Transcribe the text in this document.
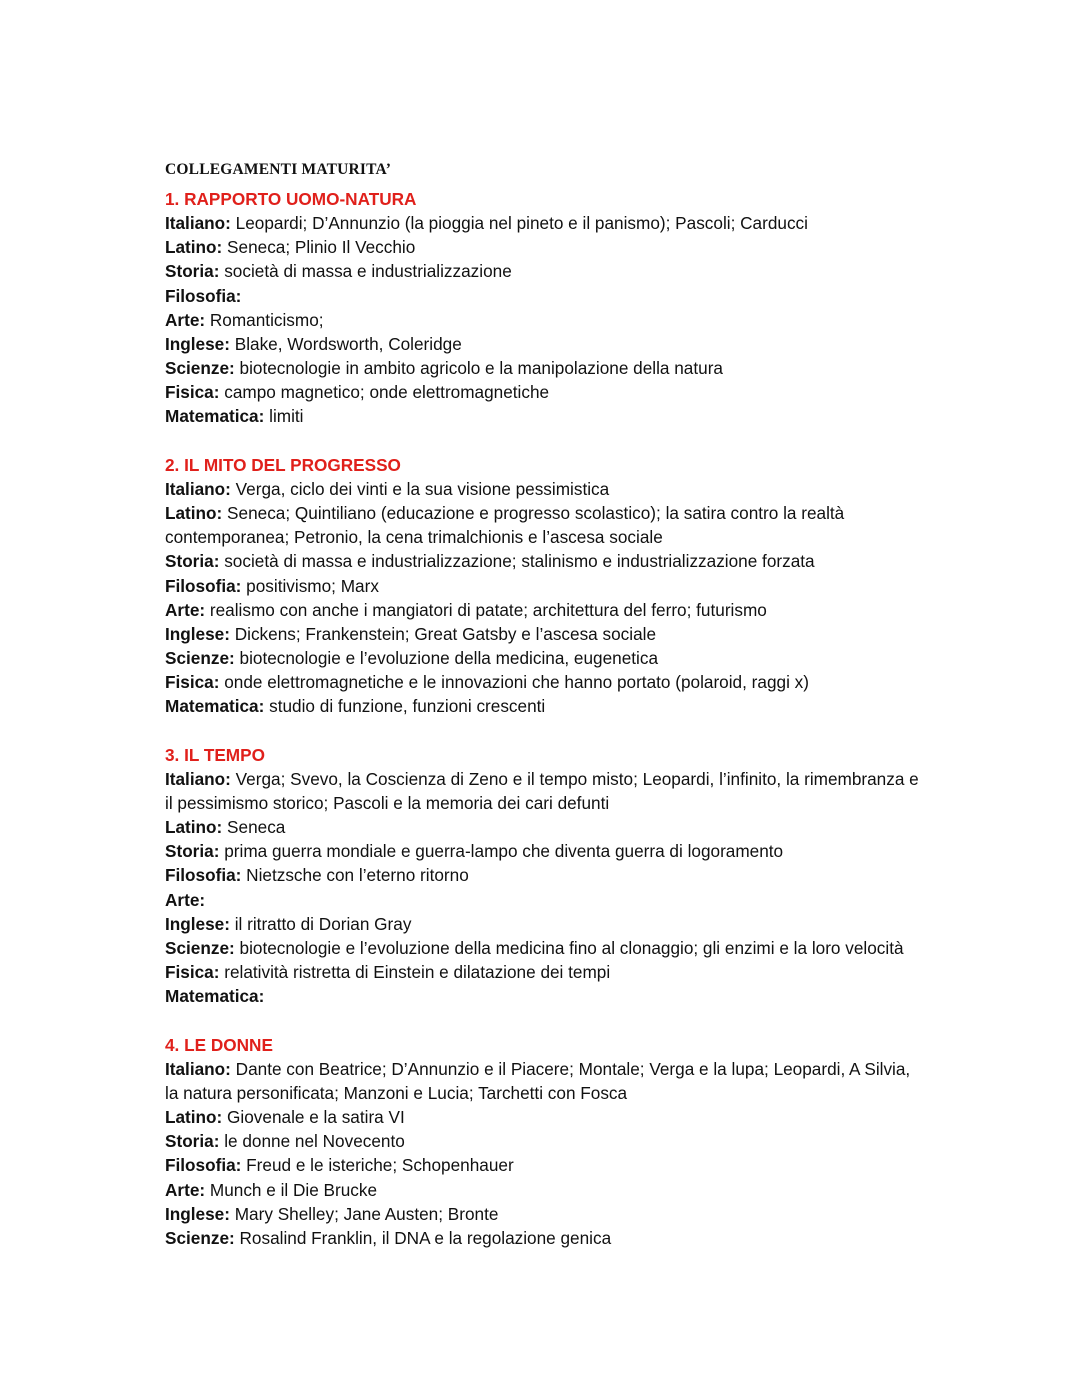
COLLEGAMENTI MATURITA’
1. RAPPORTO UOMO-NATURA
Italiano: Leopardi; D’Annunzio (la pioggia nel pineto e il panismo); Pascoli; Carducci
Latino: Seneca; Plinio Il Vecchio
Storia: società di massa e industrializzazione
Filosofia:
Arte: Romanticismo;
Inglese: Blake, Wordsworth, Coleridge
Scienze: biotecnologie in ambito agricolo e la manipolazione della natura
Fisica: campo magnetico; onde elettromagnetiche
Matematica: limiti
2. IL MITO DEL PROGRESSO
Italiano: Verga, ciclo dei vinti e la sua visione pessimistica
Latino: Seneca; Quintiliano (educazione e progresso scolastico); la satira contro la realtà contemporanea; Petronio, la cena trimalchionis e l’ascesa sociale
Storia: società di massa e industrializzazione; stalinismo e industrializzazione forzata
Filosofia: positivismo; Marx
Arte: realismo con anche i mangiatori di patate; architettura del ferro; futurismo
Inglese: Dickens; Frankenstein; Great Gatsby e l’ascesa sociale
Scienze: biotecnologie e l’evoluzione della medicina, eugenetica
Fisica: onde elettromagnetiche e le innovazioni che hanno portato (polaroid, raggi x)
Matematica: studio di funzione, funzioni crescenti
3. IL TEMPO
Italiano: Verga; Svevo, la Coscienza di Zeno e il tempo misto; Leopardi, l’infinito, la rimembranza e il pessimismo storico; Pascoli e la memoria dei cari defunti
Latino: Seneca
Storia: prima guerra mondiale e guerra-lampo che diventa guerra di logoramento
Filosofia: Nietzsche con l’eterno ritorno
Arte:
Inglese: il ritratto di Dorian Gray
Scienze: biotecnologie e l’evoluzione della medicina fino al clonaggio; gli enzimi e la loro velocità
Fisica: relatività ristretta di Einstein e dilatazione dei tempi
Matematica:
4. LE DONNE
Italiano: Dante con Beatrice; D’Annunzio e il Piacere; Montale; Verga e la lupa; Leopardi, A Silvia, la natura personificata; Manzoni e Lucia; Tarchetti con Fosca
Latino: Giovenale e la satira VI
Storia: le donne nel Novecento
Filosofia: Freud e le isteriche; Schopenhauer
Arte: Munch e il Die Brucke
Inglese: Mary Shelley; Jane Austen; Bronte
Scienze: Rosalind Franklin, il DNA e la regolazione genica
